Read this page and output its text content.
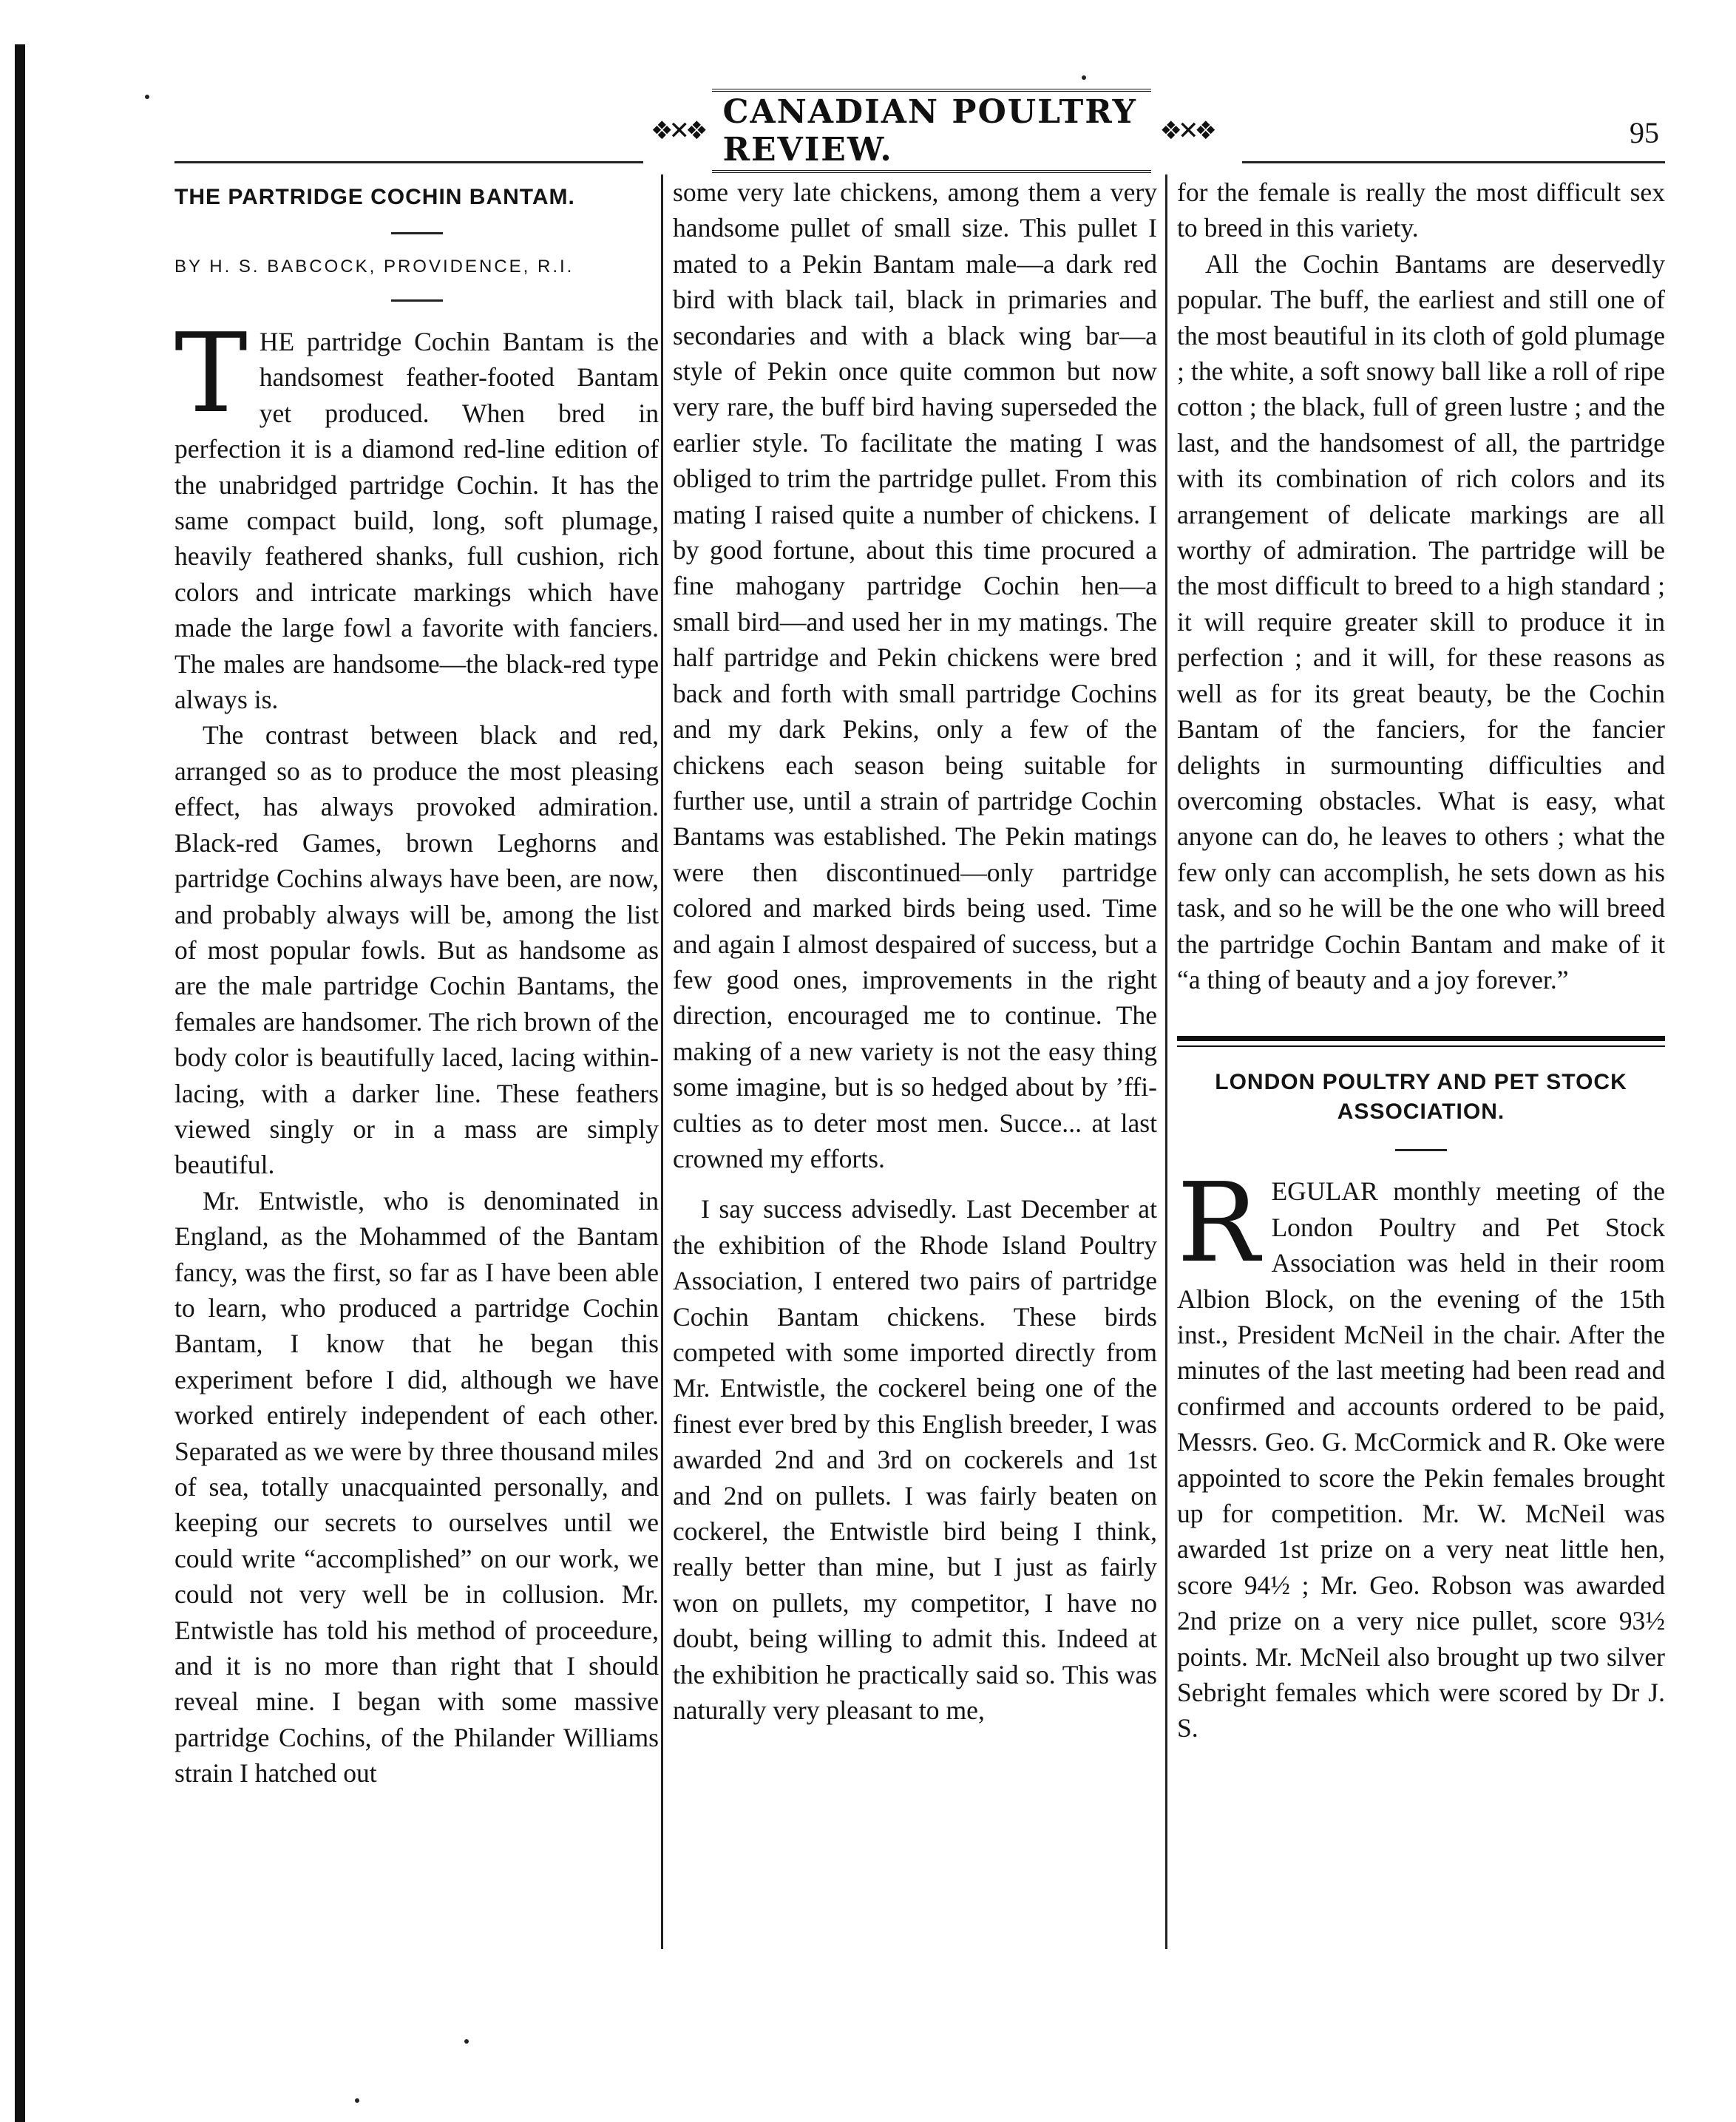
❖✕❖ CANADIAN POULTRY REVIEW.	❖✕❖	95
THE PARTRIDGE COCHIN BANTAM.
BY H. S. BABCOCK, PROVIDENCE, R.I.

THE partridge Cochin Bantam is the handsomest feather-footed Bantam yet produced. When bred in perfection it is a diamond red-line edition of the unabridged partridge Cochin. It has the same compact build, long, soft plumage, heavily feathered shanks, full cushion, rich colors and intricate markings which have made the large fowl a favorite with fanciers. The males are handsome—the black-red type always is.

The contrast between black and red, arranged so as to produce the most pleasing effect, has always provoked admiration. Black-red Games, brown Leghorns and partridge Cochins always have been, are now, and probably always will be, among the list of most popular fowls. But as handsome as are the male partridge Cochin Bantams, the females are handsomer. The rich brown of the body color is beautifully laced, lacing within-lacing, with a darker line. These feathers viewed singly or in a mass are simply beautiful.

Mr. Entwistle, who is denominated in England, as the Mohammed of the Bantam fancy, was the first, so far as I have been able to learn, who produced a partridge Cochin Bantam, I know that he began this experiment before I did, although we have worked entirely independent of each other. Separated as we were by three thousand miles of sea, totally unacquainted personally, and keeping our secrets to ourselves until we could write “accomplished” on our work, we could not very well be in collusion. Mr. Entwistle has told his method of proceedure, and it is no more than right that I should reveal mine. I began with some massive partridge Cochins, of the Philander Williams strain I hatched out

some very late chickens, among them a very handsome pullet of small size. This pullet I mated to a Pekin Bantam male—a dark red bird with black tail, black in primaries and secondaries and with a black wing bar—a style of Pekin once quite common but now very rare, the buff bird having superseded the earlier style. To facilitate the mating I was obliged to trim the partridge pullet. From this mating I raised quite a number of chickens. I by good fortune, about this time procured a fine mahogany partridge Cochin hen—a small bird—and used her in my matings. The half partridge and Pekin chickens were bred back and forth with small partridge Cochins and my dark Pekins, only a few of the chickens each season being suitable for further use, until a strain of partridge Cochin Bantams was established. The Pekin matings were then discontinued—only partridge colored and marked birds being used. Time and again I almost despaired of success, but a few good ones, improvements in the right direction, encouraged me to continue. The making of a new variety is not the easy thing some imagine, but is so hedged about by ’ffi-culties as to deter most men. Succe... at last crowned my efforts.

I say success advisedly. Last December at the exhibition of the Rhode Island Poultry Association, I entered two pairs of partridge Cochin Bantam chickens. These birds competed with some imported directly from Mr. Entwistle, the cockerel being one of the finest ever bred by this English breeder, I was awarded 2nd and 3rd on cockerels and 1st and 2nd on pullets. I was fairly beaten on cockerel, the Entwistle bird being I think, really better than mine, but I just as fairly won on pullets, my competitor, I have no doubt, being willing to admit this. Indeed at the exhibition he practically said so. This was naturally very pleasant to me,

for the female is really the most difficult sex to breed in this variety.

All the Cochin Bantams are deservedly popular. The buff, the earliest and still one of the most beautiful in its cloth of gold plumage ; the white, a soft snowy ball like a roll of ripe cotton ; the black, full of green lustre ; and the last, and the handsomest of all, the partridge with its combination of rich colors and its arrangement of delicate markings are all worthy of admiration. The partridge will be the most difficult to breed to a high standard ; it will require greater skill to produce it in perfection ; and it will, for these reasons as well as for its great beauty, be the Cochin Bantam of the fanciers, for the fancier delights in surmounting difficulties and overcoming obstacles. What is easy, what anyone can do, he leaves to others ; what the few only can accomplish, he sets down as his task, and so he will be the one who will breed the partridge Cochin Bantam and make of it “a thing of beauty and a joy forever.”

LONDON POULTRY AND PET STOCK ASSOCIATION.

REGULAR monthly meeting of the London Poultry and Pet Stock Association was held in their room Albion Block, on the evening of the 15th inst., President McNeil in the chair. After the minutes of the last meeting had been read and confirmed and accounts ordered to be paid, Messrs. Geo. G. McCormick and R. Oke were appointed to score the Pekin females brought up for competition. Mr. W. McNeil was awarded 1st prize on a very neat little hen, score 94½ ; Mr. Geo. Robson was awarded 2nd prize on a very nice pullet, score 93½ points. Mr. McNeil also brought up two silver Sebright females which were scored by Dr J. S.
